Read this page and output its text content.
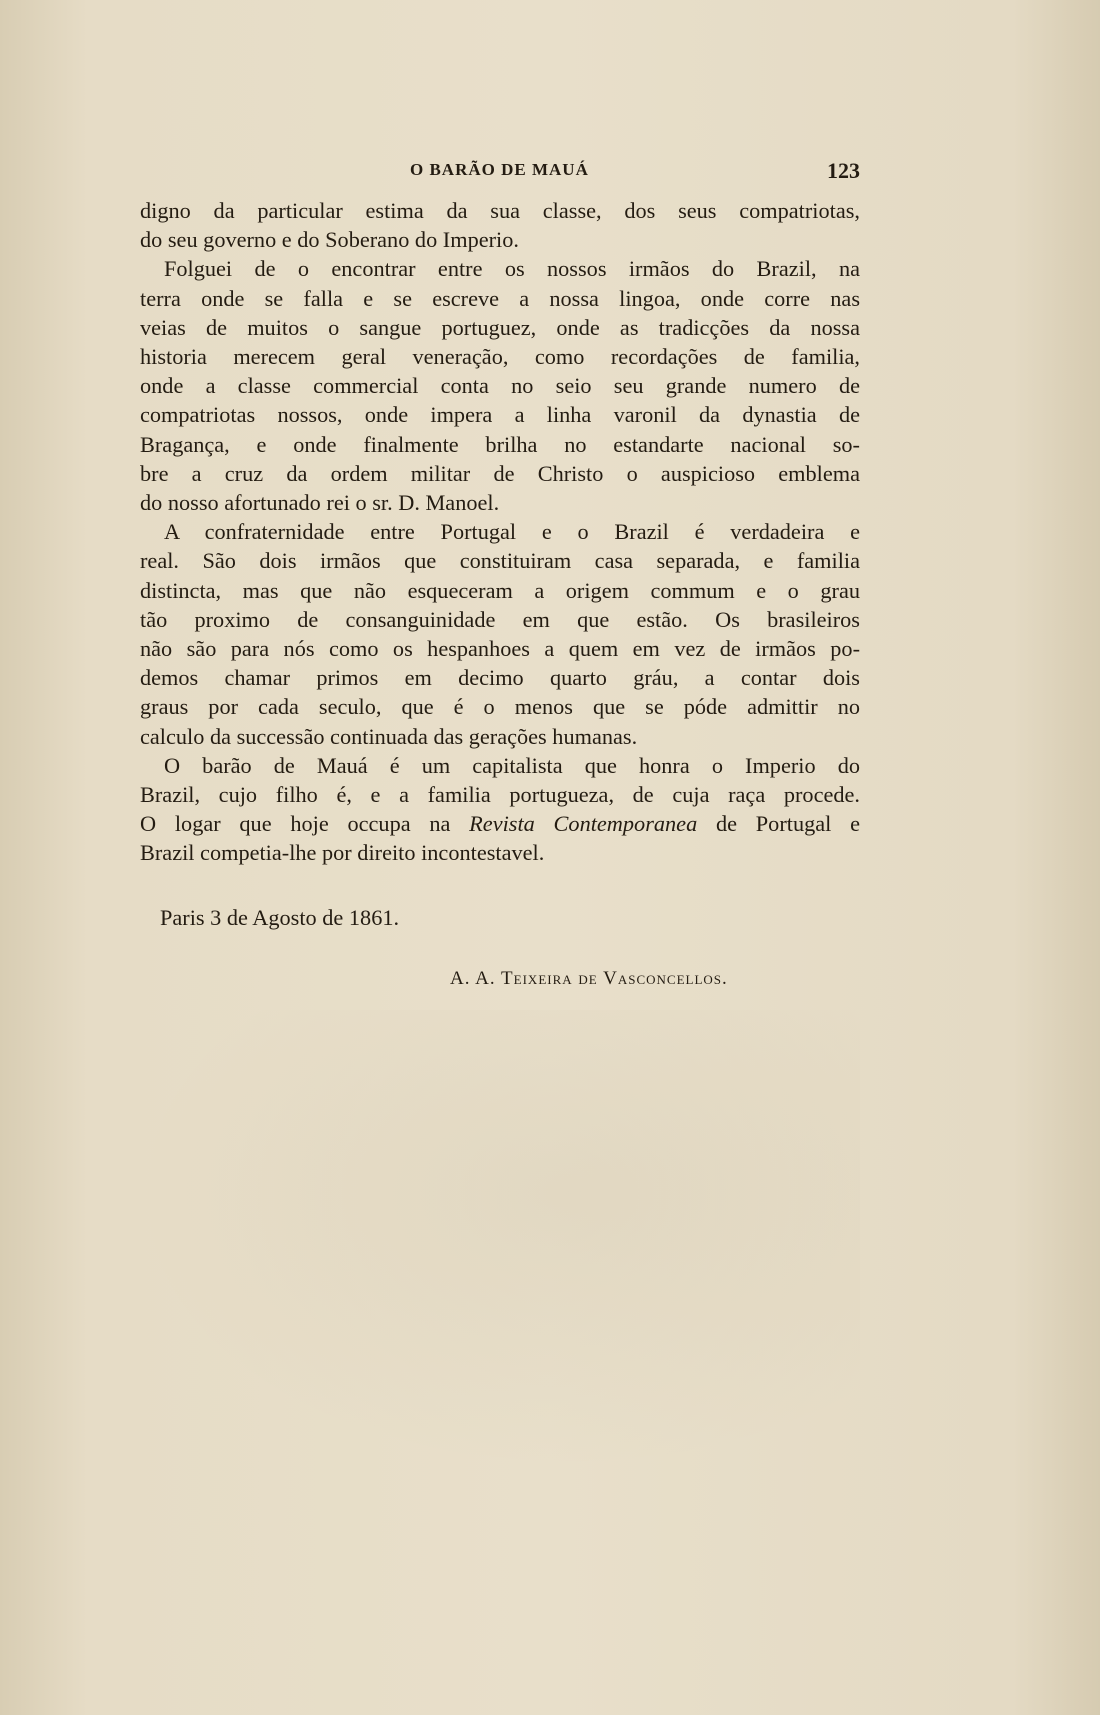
O BARÃO DE MAUÁ	123
digno da particular estima da sua classe, dos seus compatriotas,
do seu governo e do Soberano do Imperio.
Folguei de o encontrar entre os nossos irmãos do Brazil, na
terra onde se falla e se escreve a nossa lingoa, onde corre nas
veias de muitos o sangue portuguez, onde as tradicções da nossa
historia merecem geral veneração, como recordações de familia,
onde a classe commercial conta no seio seu grande numero de
compatriotas nossos, onde impera a linha varonil da dynastia de
Bragança, e onde finalmente brilha no estandarte nacional so-
bre a cruz da ordem militar de Christo o auspicioso emblema
do nosso afortunado rei o sr. D. Manoel.
A confraternidade entre Portugal e o Brazil é verdadeira e
real. São dois irmãos que constituiram casa separada, e familia
distincta, mas que não esqueceram a origem commum e o grau
tão proximo de consanguinidade em que estão. Os brasileiros
não são para nós como os hespanhoes a quem em vez de irmãos po-
demos chamar primos em decimo quarto gráu, a contar dois
graus por cada seculo, que é o menos que se póde admittir no
calculo da successão continuada das gerações humanas.
O barão de Mauá é um capitalista que honra o Imperio do
Brazil, cujo filho é, e a familia portugueza, de cuja raça procede.
O logar que hoje occupa na Revista Contemporanea de Portugal e
Brazil competia-lhe por direito incontestavel.
Paris 3 de Agosto de 1861.
A. A. Teixeira de Vasconcellos.
